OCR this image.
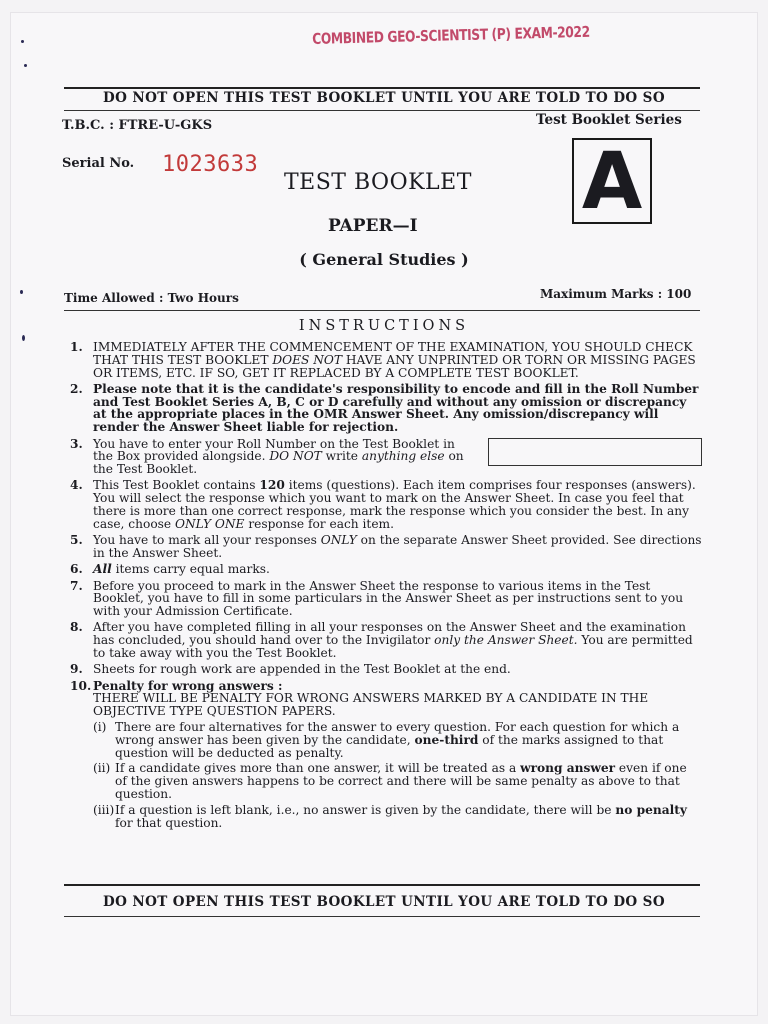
COMBINED GEO-SCIENTIST (P) EXAM-2022
DO NOT OPEN THIS TEST BOOKLET UNTIL YOU ARE TOLD TO DO SO
T.B.C. : FTRE-U-GKS	Test Booklet Series
A
Serial No. 1023633
TEST BOOKLET
PAPER—I
( General Studies )
Time Allowed : Two Hours	Maximum Marks : 100
INSTRUCTIONS
1. IMMEDIATELY AFTER THE COMMENCEMENT OF THE EXAMINATION, YOU SHOULD CHECK THAT THIS TEST BOOKLET DOES NOT HAVE ANY UNPRINTED OR TORN OR MISSING PAGES OR ITEMS, ETC. IF SO, GET IT REPLACED BY A COMPLETE TEST BOOKLET.
2. Please note that it is the candidate's responsibility to encode and fill in the Roll Number and Test Booklet Series A, B, C or D carefully and without any omission or discrepancy at the appropriate places in the OMR Answer Sheet. Any omission/discrepancy will render the Answer Sheet liable for rejection.
3. You have to enter your Roll Number on the Test Booklet in the Box provided alongside. DO NOT write anything else on the Test Booklet.
4. This Test Booklet contains 120 items (questions). Each item comprises four responses (answers). You will select the response which you want to mark on the Answer Sheet. In case you feel that there is more than one correct response, mark the response which you consider the best. In any case, choose ONLY ONE response for each item.
5. You have to mark all your responses ONLY on the separate Answer Sheet provided. See directions in the Answer Sheet.
6. All items carry equal marks.
7. Before you proceed to mark in the Answer Sheet the response to various items in the Test Booklet, you have to fill in some particulars in the Answer Sheet as per instructions sent to you with your Admission Certificate.
8. After you have completed filling in all your responses on the Answer Sheet and the examination has concluded, you should hand over to the Invigilator only the Answer Sheet. You are permitted to take away with you the Test Booklet.
9. Sheets for rough work are appended in the Test Booklet at the end.
10. Penalty for wrong answers :
THERE WILL BE PENALTY FOR WRONG ANSWERS MARKED BY A CANDIDATE IN THE OBJECTIVE TYPE QUESTION PAPERS.
(i) There are four alternatives for the answer to every question. For each question for which a wrong answer has been given by the candidate, one-third of the marks assigned to that question will be deducted as penalty.
(ii) If a candidate gives more than one answer, it will be treated as a wrong answer even if one of the given answers happens to be correct and there will be same penalty as above to that question.
(iii) If a question is left blank, i.e., no answer is given by the candidate, there will be no penalty for that question.
DO NOT OPEN THIS TEST BOOKLET UNTIL YOU ARE TOLD TO DO SO
